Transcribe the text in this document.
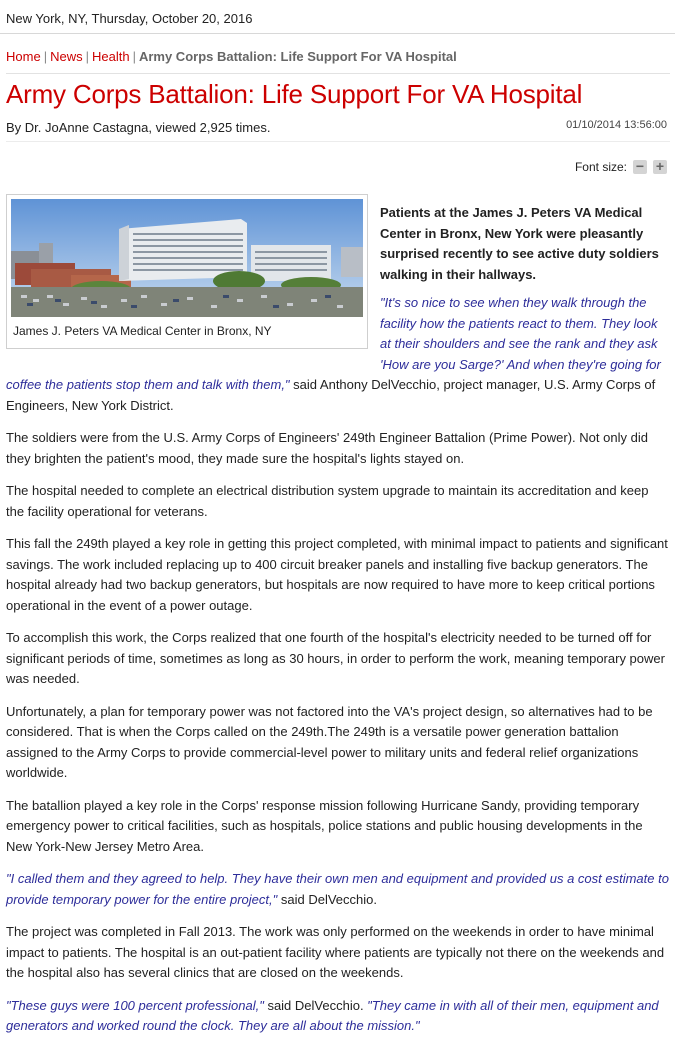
New York, NY, Thursday, October 20, 2016
Home | News | Health | Army Corps Battalion: Life Support For VA Hospital
Army Corps Battalion: Life Support For VA Hospital
By Dr. JoAnne Castagna, viewed 2,925 times.	01/10/2014 13:56:00
Font size: − +
James J. Peters VA Medical Center in Bronx, NY

Patients at the James J. Peters VA Medical Center in Bronx, New York were pleasantly surprised recently to see active duty soldiers walking in their hallways.

"It's so nice to see when they walk through the facility how the patients react to them. They look at their shoulders and see the rank and they ask 'How are you Sarge?' And when they're going for coffee the patients stop them and talk with them," said Anthony DelVecchio, project manager, U.S. Army Corps of Engineers, New York District.

The soldiers were from the U.S. Army Corps of Engineers' 249th Engineer Battalion (Prime Power). Not only did they brighten the patient's mood, they made sure the hospital's lights stayed on.

The hospital needed to complete an electrical distribution system upgrade to maintain its accreditation and keep the facility operational for veterans.

This fall the 249th played a key role in getting this project completed, with minimal impact to patients and significant savings. The work included replacing up to 400 circuit breaker panels and installing five backup generators. The hospital already had two backup generators, but hospitals are now required to have more to keep critical portions operational in the event of a power outage.

To accomplish this work, the Corps realized that one fourth of the hospital's electricity needed to be turned off for significant periods of time, sometimes as long as 30 hours, in order to perform the work, meaning temporary power was needed.

Unfortunately, a plan for temporary power was not factored into the VA's project design, so alternatives had to be considered. That is when the Corps called on the 249th.The 249th is a versatile power generation battalion assigned to the Army Corps to provide commercial-level power to military units and federal relief organizations worldwide.

The batallion played a key role in the Corps' response mission following Hurricane Sandy, providing temporary emergency power to critical facilities, such as hospitals, police stations and public housing developments in the New York-New Jersey Metro Area.

"I called them and they agreed to help. They have their own men and equipment and provided us a cost estimate to provide temporary power for the entire project," said DelVecchio.

The project was completed in Fall 2013. The work was only performed on the weekends in order to have minimal impact to patients. The hospital is an out-patient facility where patients are typically not there on the weekends and the hospital also has several clinics that are closed on the weekends.

"These guys were 100 percent professional," said DelVecchio. "They came in with all of their men, equipment and generators and worked round the clock. They are all about the mission."
